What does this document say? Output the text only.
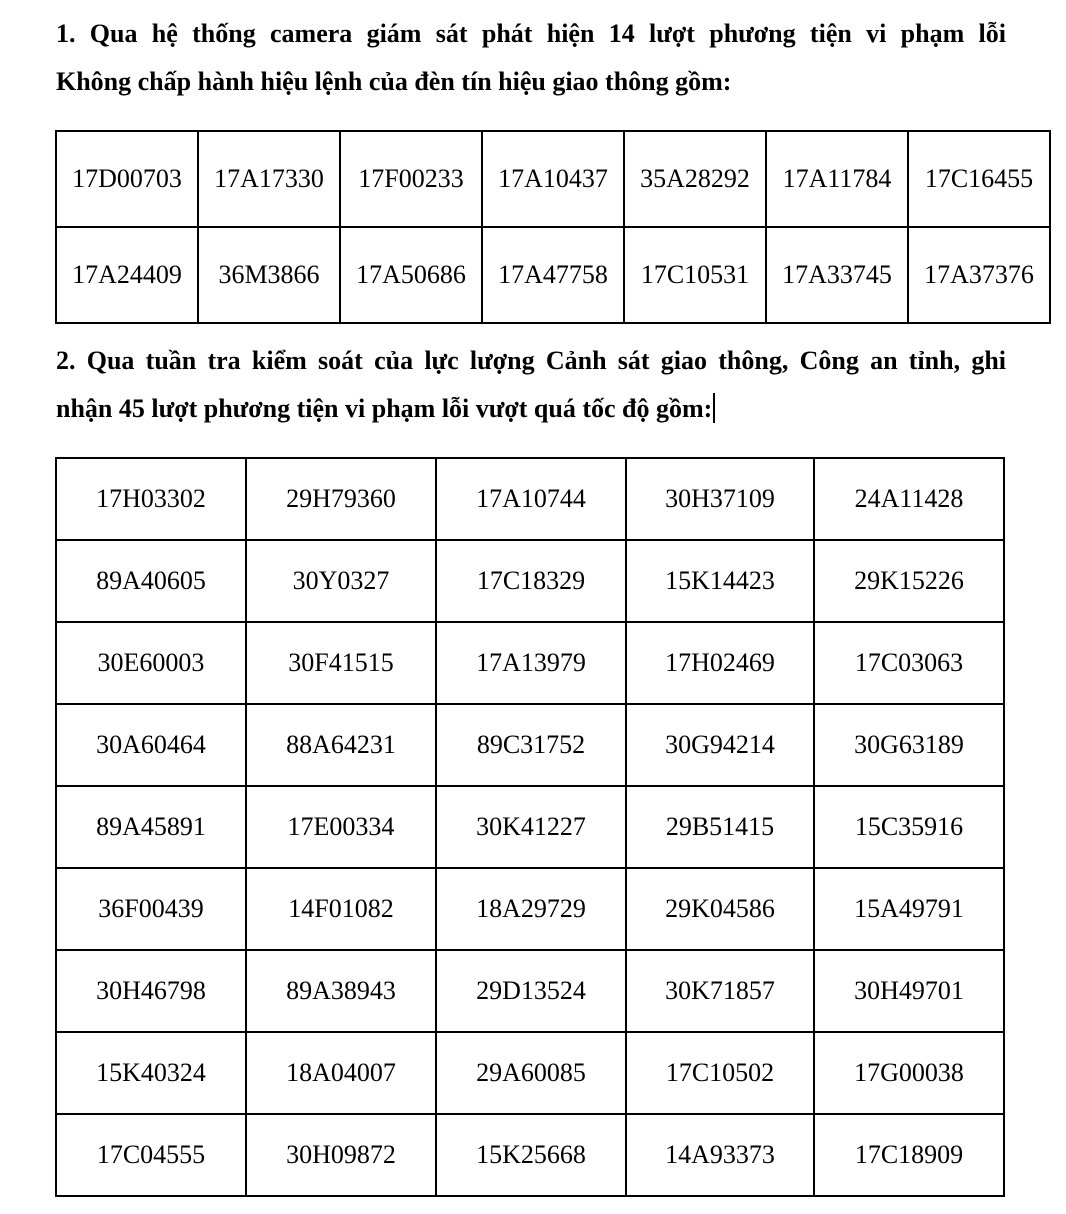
1. Qua hệ thống camera giám sát phát hiện 14 lượt phương tiện vi phạm lỗi
Không chấp hành hiệu lệnh của đèn tín hiệu giao thông gồm:

17D00703	17A17330	17F00233	17A10437	35A28292	17A11784	17C16455
17A24409	36M3866	17A50686	17A47758	17C10531	17A33745	17A37376

2. Qua tuần tra kiểm soát của lực lượng Cảnh sát giao thông, Công an tỉnh, ghi
nhận 45 lượt phương tiện vi phạm lỗi vượt quá tốc độ gồm:

17H03302	29H79360	17A10744	30H37109	24A11428
89A40605	30Y0327	17C18329	15K14423	29K15226
30E60003	30F41515	17A13979	17H02469	17C03063
30A60464	88A64231	89C31752	30G94214	30G63189
89A45891	17E00334	30K41227	29B51415	15C35916
36F00439	14F01082	18A29729	29K04586	15A49791
30H46798	89A38943	29D13524	30K71857	30H49701
15K40324	18A04007	29A60085	17C10502	17G00038
17C04555	30H09872	15K25668	14A93373	17C18909
